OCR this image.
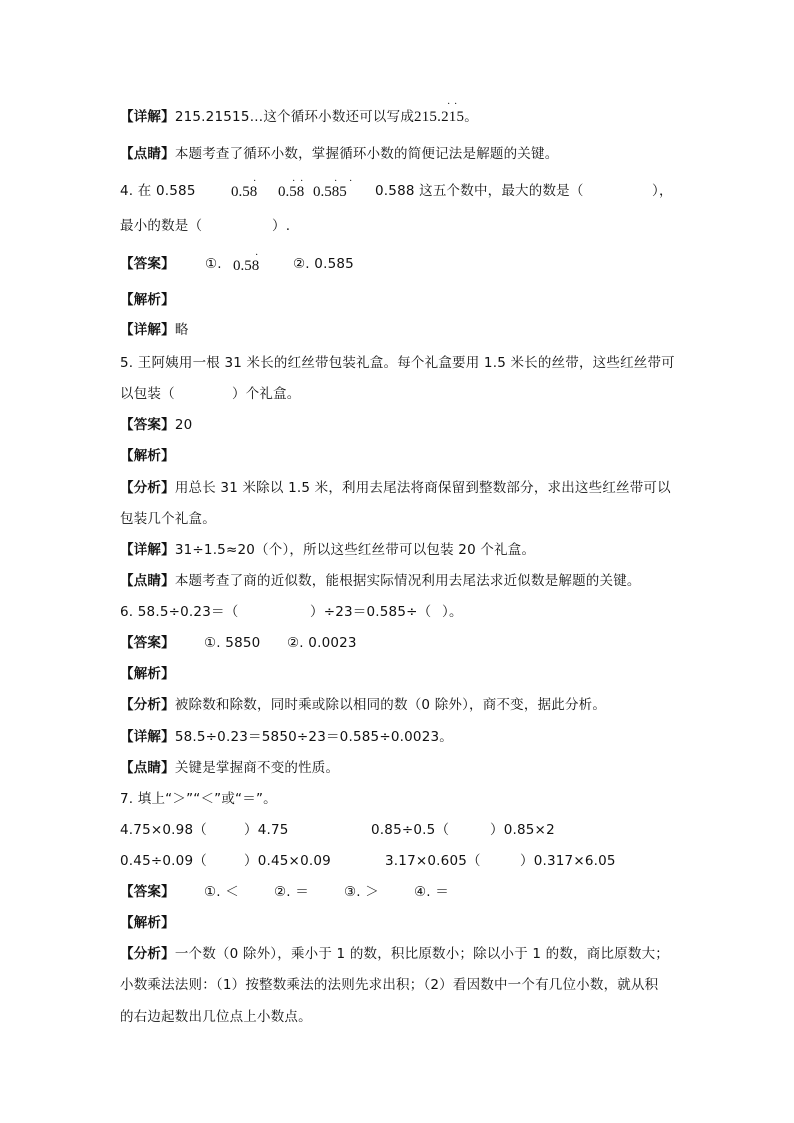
【详解】215.21515…这个循环小数还可以写成215.215
· ·
。
【点睛】本题考查了循环小数，掌握循环小数的简便记法是解题的关键。
4. 在 0.585 0.58
·
0.58
· ·
0.585
· ·
0.588 这五个数中，最大的数是（	），
最小的数是（	）.
【答案】 ①. 0.58
·
②. 0.585
【解析】
【详解】略
5. 王阿姨用一根 31 米长的红丝带包装礼盒。每个礼盒要用 1.5 米长的丝带，这些红丝带可
以包装（	）个礼盒。
【答案】20
【解析】
【分析】用总长 31 米除以 1.5 米，利用去尾法将商保留到整数部分，求出这些红丝带可以
包装几个礼盒。
【详解】31÷1.5≈20（个），所以这些红丝带可以包装 20 个礼盒。
【点睛】本题考查了商的近似数，能根据实际情况利用去尾法求近似数是解题的关键。
6. 58.5÷0.23＝（	）÷23＝0.585÷（ ）。
【答案】 ①. 5850 ②. 0.0023
【解析】
【分析】被除数和除数，同时乘或除以相同的数（0 除外），商不变，据此分析。
【详解】58.5÷0.23＝5850÷23＝0.585÷0.0023。
【点睛】关键是掌握商不变的性质。
7. 填上“＞”“＜”或“＝”。
4.75×0.98（	）4.75	0.85÷0.5（	）0.85×2
0.45÷0.09（	）0.45×0.09	3.17×0.605（	）0.317×6.05
【答案】 ①. ＜	②. ＝	③. ＞	④. ＝
【解析】
【分析】一个数（0 除外），乘小于 1 的数，积比原数小；除以小于 1 的数，商比原数大；
小数乘法法则：（1）按整数乘法的法则先求出积；（2）看因数中一个有几位小数，就从积
的右边起数出几位点上小数点。
